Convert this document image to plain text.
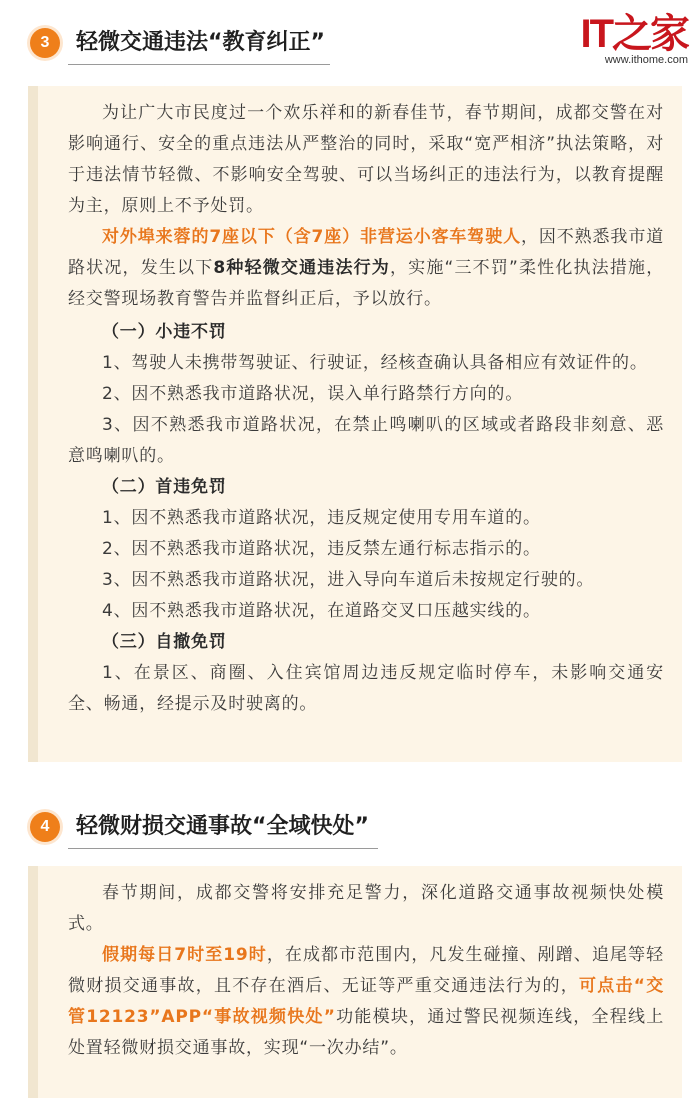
IT之家
www.ithome.com
3	轻微交通违法“教育纠正”

为让广大市民度过一个欢乐祥和的新春佳节，春节期间，成都交警在对影响通行、安全的重点违法从严整治的同时，采取“宽严相济”执法策略，对于违法情节轻微、不影响安全驾驶、可以当场纠正的违法行为，以教育提醒为主，原则上不予处罚。

对外埠来蓉的7座以下（含7座）非营运小客车驾驶人，因不熟悉我市道路状况，发生以下8种轻微交通违法行为，实施“三不罚”柔性化执法措施，经交警现场教育警告并监督纠正后，予以放行。

（一）小违不罚

1、驾驶人未携带驾驶证、行驶证，经核查确认具备相应有效证件的。

2、因不熟悉我市道路状况，误入单行路禁行方向的。

3、因不熟悉我市道路状况，在禁止鸣喇叭的区域或者路段非刻意、恶意鸣喇叭的。

（二）首违免罚

1、因不熟悉我市道路状况，违反规定使用专用车道的。

2、因不熟悉我市道路状况，违反禁左通行标志指示的。

3、因不熟悉我市道路状况，进入导向车道后未按规定行驶的。

4、因不熟悉我市道路状况，在道路交叉口压越实线的。

（三）自撤免罚

1、在景区、商圈、入住宾馆周边违反规定临时停车，未影响交通安全、畅通，经提示及时驶离的。

4	轻微财损交通事故“全域快处”

春节期间，成都交警将安排充足警力，深化道路交通事故视频快处模式。

假期每日7时至19时，在成都市范围内，凡发生碰撞、剐蹭、追尾等轻微财损交通事故，且不存在酒后、无证等严重交通违法行为的，可点击“交管12123”APP“事故视频快处”功能模块，通过警民视频连线，全程线上处置轻微财损交通事故，实现“一次办结”。
